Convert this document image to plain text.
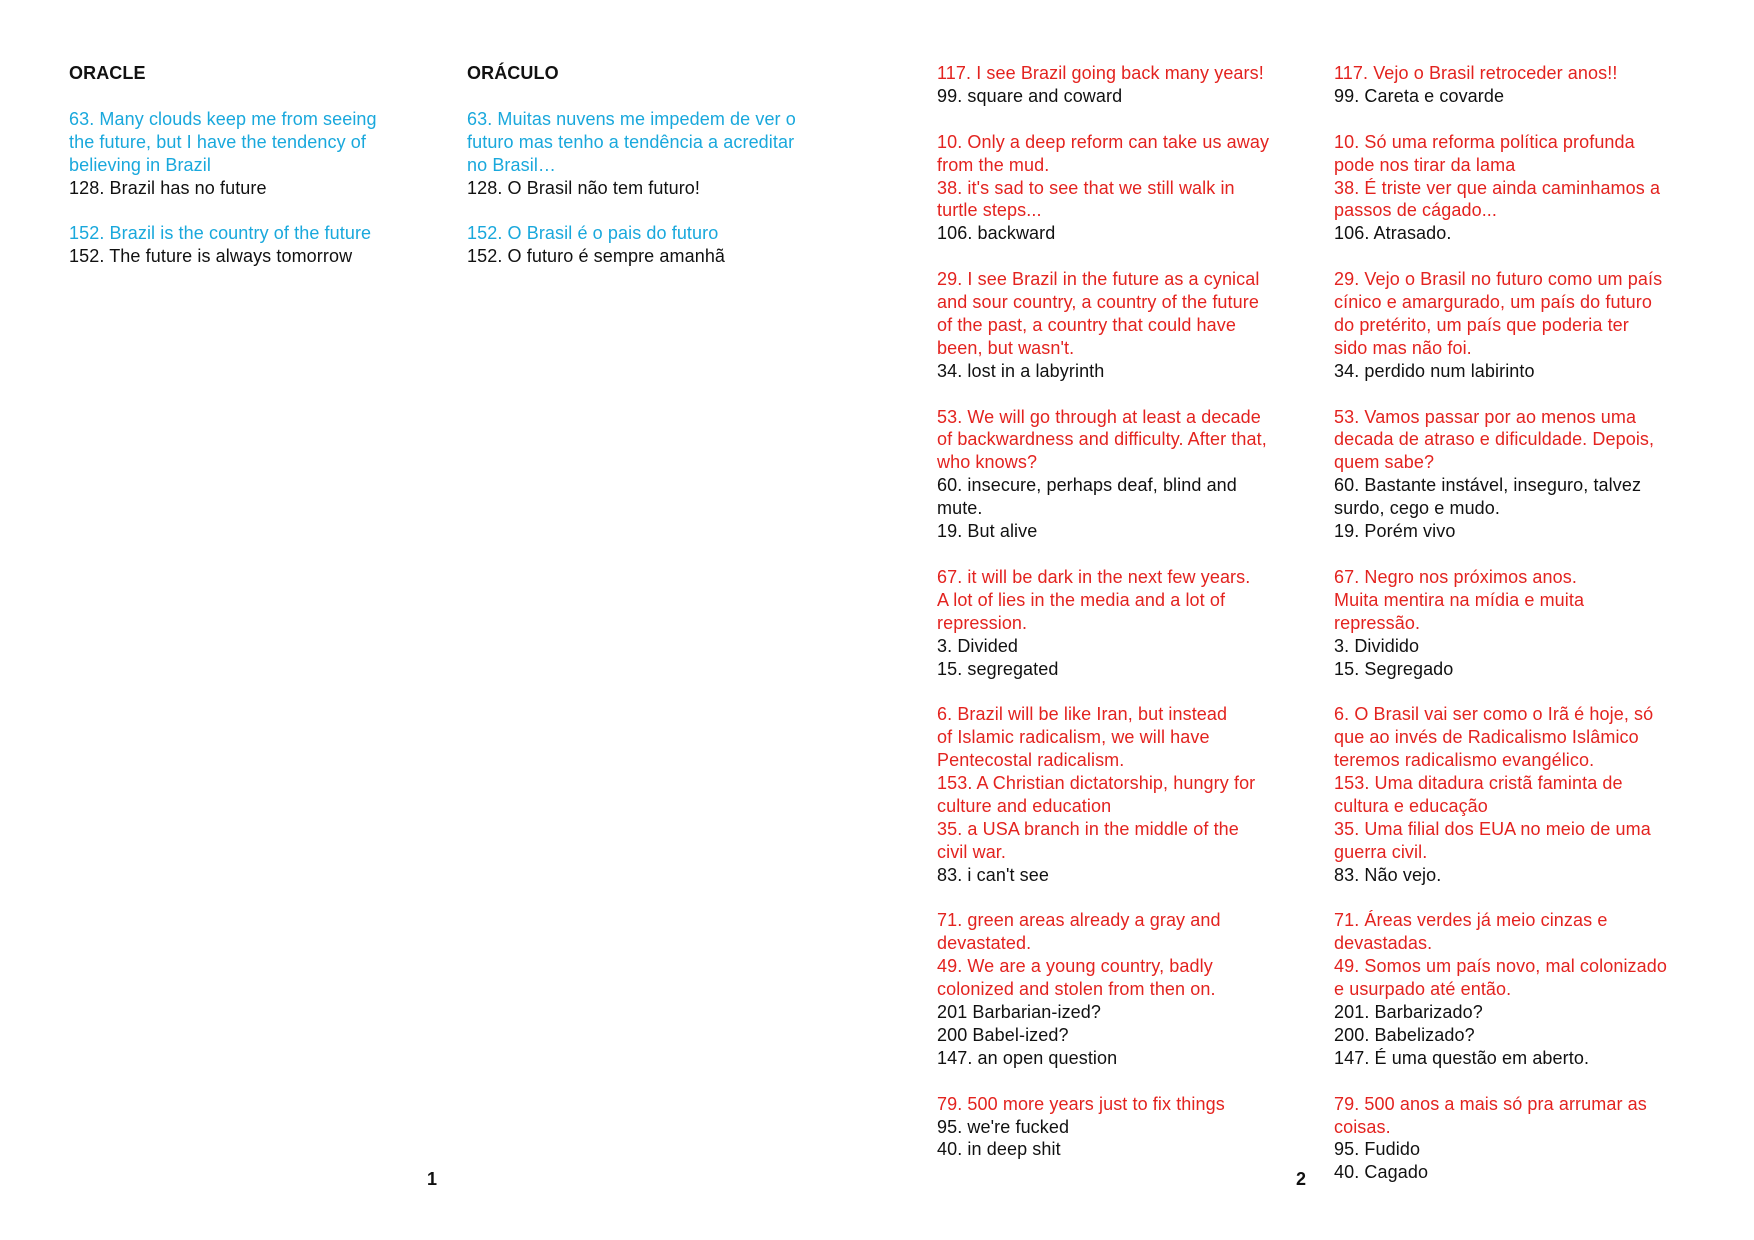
ORACLE
63. Many clouds keep me from seeing
the future, but I have the tendency of
believing in Brazil
128. Brazil has no future
152. Brazil is the country of the future
152. The future is always tomorrow
ORÁCULO
63. Muitas nuvens me impedem de ver o
futuro mas tenho a tendência a acreditar
no Brasil…
128. O Brasil não tem futuro!
152. O Brasil é o pais do futuro
152. O futuro é sempre amanhã
117. I see Brazil going back many years!
99. square and coward
10. Only a deep reform can take us away
from the mud.
38. it's sad to see that we still walk in
turtle steps...
106. backward
29. I see Brazil in the future as a cynical
and sour country, a country of the future
of the past, a country that could have
been, but wasn't.
34. lost in a labyrinth
53. We will go through at least a decade
of backwardness and difficulty. After that,
who knows?
60. insecure, perhaps deaf, blind and
mute.
19. But alive
67. it will be dark in the next few years.
A lot of lies in the media and a lot of
repression.
3. Divided
15. segregated
6. Brazil will be like Iran, but instead
of Islamic radicalism, we will have
Pentecostal radicalism.
153. A Christian dictatorship, hungry for
culture and education
35. a USA branch in the middle of the
civil war.
83. i can't see
71. green areas already a gray and
devastated.
49. We are a young country, badly
colonized and stolen from then on.
201 Barbarian-ized?
200 Babel-ized?
147. an open question
79. 500 more years just to fix things
95. we're fucked
40. in deep shit
117. Vejo o Brasil retroceder anos!!
99. Careta e covarde
10. Só uma reforma política profunda
pode nos tirar da lama
38. É triste ver que ainda caminhamos a
passos de cágado...
106. Atrasado.
29. Vejo o Brasil no futuro como um país
cínico e amargurado, um país do futuro
do pretérito, um país que poderia ter
sido mas não foi.
34. perdido num labirinto
53. Vamos passar por ao menos uma
decada de atraso e dificuldade. Depois,
quem sabe?
60. Bastante instável, inseguro, talvez
surdo, cego e mudo.
19. Porém vivo
67. Negro nos próximos anos.
Muita mentira na mídia e muita
repressão.
3. Dividido
15. Segregado
6. O Brasil vai ser como o Irã é hoje, só
que ao invés de Radicalismo Islâmico
teremos radicalismo evangélico.
153. Uma ditadura cristã faminta de
cultura e educação
35. Uma filial dos EUA no meio de uma
guerra civil.
83. Não vejo.
71. Áreas verdes já meio cinzas e
devastadas.
49. Somos um país novo, mal colonizado
e usurpado até então.
201. Barbarizado?
200. Babelizado?
147. É uma questão em aberto.
79. 500 anos a mais só pra arrumar as
coisas.
95. Fudido
40. Cagado
1	2
